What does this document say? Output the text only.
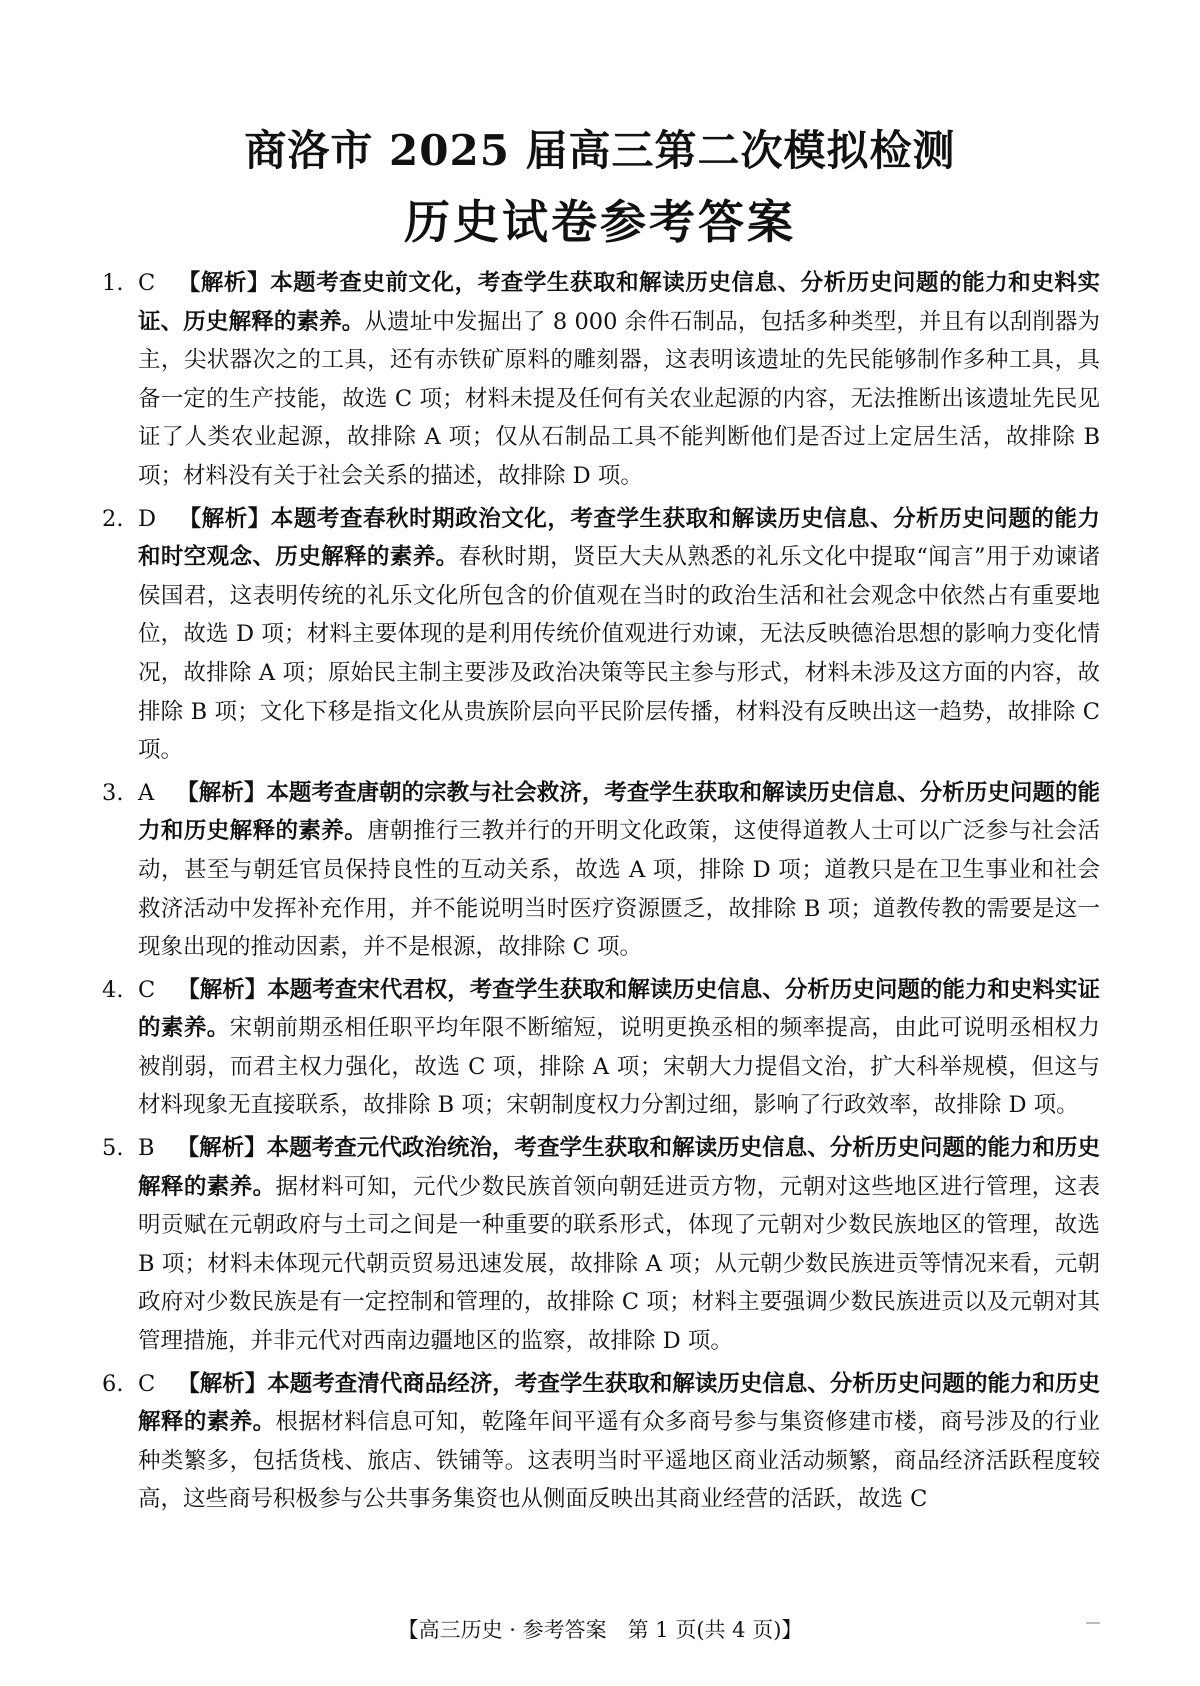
商洛市 2025 届高三第二次模拟检测
历史试卷参考答案
1. C 【解析】本题考查史前文化，考查学生获取和解读历史信息、分析历史问题的能力和史料实证、历史解释的素养。从遗址中发掘出了 8 000 余件石制品，包括多种类型，并且有以刮削器为主，尖状器次之的工具，还有赤铁矿原料的雕刻器，这表明该遗址的先民能够制作多种工具，具备一定的生产技能，故选 C 项；材料未提及任何有关农业起源的内容，无法推断出该遗址先民见证了人类农业起源，故排除 A 项；仅从石制品工具不能判断他们是否过上定居生活，故排除 B 项；材料没有关于社会关系的描述，故排除 D 项。
2. D 【解析】本题考查春秋时期政治文化，考查学生获取和解读历史信息、分析历史问题的能力和时空观念、历史解释的素养。春秋时期，贤臣大夫从熟悉的礼乐文化中提取“闻言”用于劝谏诸侯国君，这表明传统的礼乐文化所包含的价值观在当时的政治生活和社会观念中依然占有重要地位，故选 D 项；材料主要体现的是利用传统价值观进行劝谏，无法反映德治思想的影响力变化情况，故排除 A 项；原始民主制主要涉及政治决策等民主参与形式，材料未涉及这方面的内容，故排除 B 项；文化下移是指文化从贵族阶层向平民阶层传播，材料没有反映出这一趋势，故排除 C 项。
3. A 【解析】本题考查唐朝的宗教与社会救济，考查学生获取和解读历史信息、分析历史问题的能力和历史解释的素养。唐朝推行三教并行的开明文化政策，这使得道教人士可以广泛参与社会活动，甚至与朝廷官员保持良性的互动关系，故选 A 项，排除 D 项；道教只是在卫生事业和社会救济活动中发挥补充作用，并不能说明当时医疗资源匮乏，故排除 B 项；道教传教的需要是这一现象出现的推动因素，并不是根源，故排除 C 项。
4. C 【解析】本题考查宋代君权，考查学生获取和解读历史信息、分析历史问题的能力和史料实证的素养。宋朝前期丞相任职平均年限不断缩短，说明更换丞相的频率提高，由此可说明丞相权力被削弱，而君主权力强化，故选 C 项，排除 A 项；宋朝大力提倡文治，扩大科举规模，但这与材料现象无直接联系，故排除 B 项；宋朝制度权力分割过细，影响了行政效率，故排除 D 项。
5. B 【解析】本题考查元代政治统治，考查学生获取和解读历史信息、分析历史问题的能力和历史解释的素养。据材料可知，元代少数民族首领向朝廷进贡方物，元朝对这些地区进行管理，这表明贡赋在元朝政府与土司之间是一种重要的联系形式，体现了元朝对少数民族地区的管理，故选 B 项；材料未体现元代朝贡贸易迅速发展，故排除 A 项；从元朝少数民族进贡等情况来看，元朝政府对少数民族是有一定控制和管理的，故排除 C 项；材料主要强调少数民族进贡以及元朝对其管理措施，并非元代对西南边疆地区的监察，故排除 D 项。
6. C 【解析】本题考查清代商品经济，考查学生获取和解读历史信息、分析历史问题的能力和历史解释的素养。根据材料信息可知，乾隆年间平遥有众多商号参与集资修建市楼，商号涉及的行业种类繁多，包括货栈、旅店、铁铺等。这表明当时平遥地区商业活动频繁，商品经济活跃程度较高，这些商号积极参与公共事务集资也从侧面反映出其商业经营的活跃，故选 C
【高三历史 · 参考答案　第 1 页(共 4 页)】
